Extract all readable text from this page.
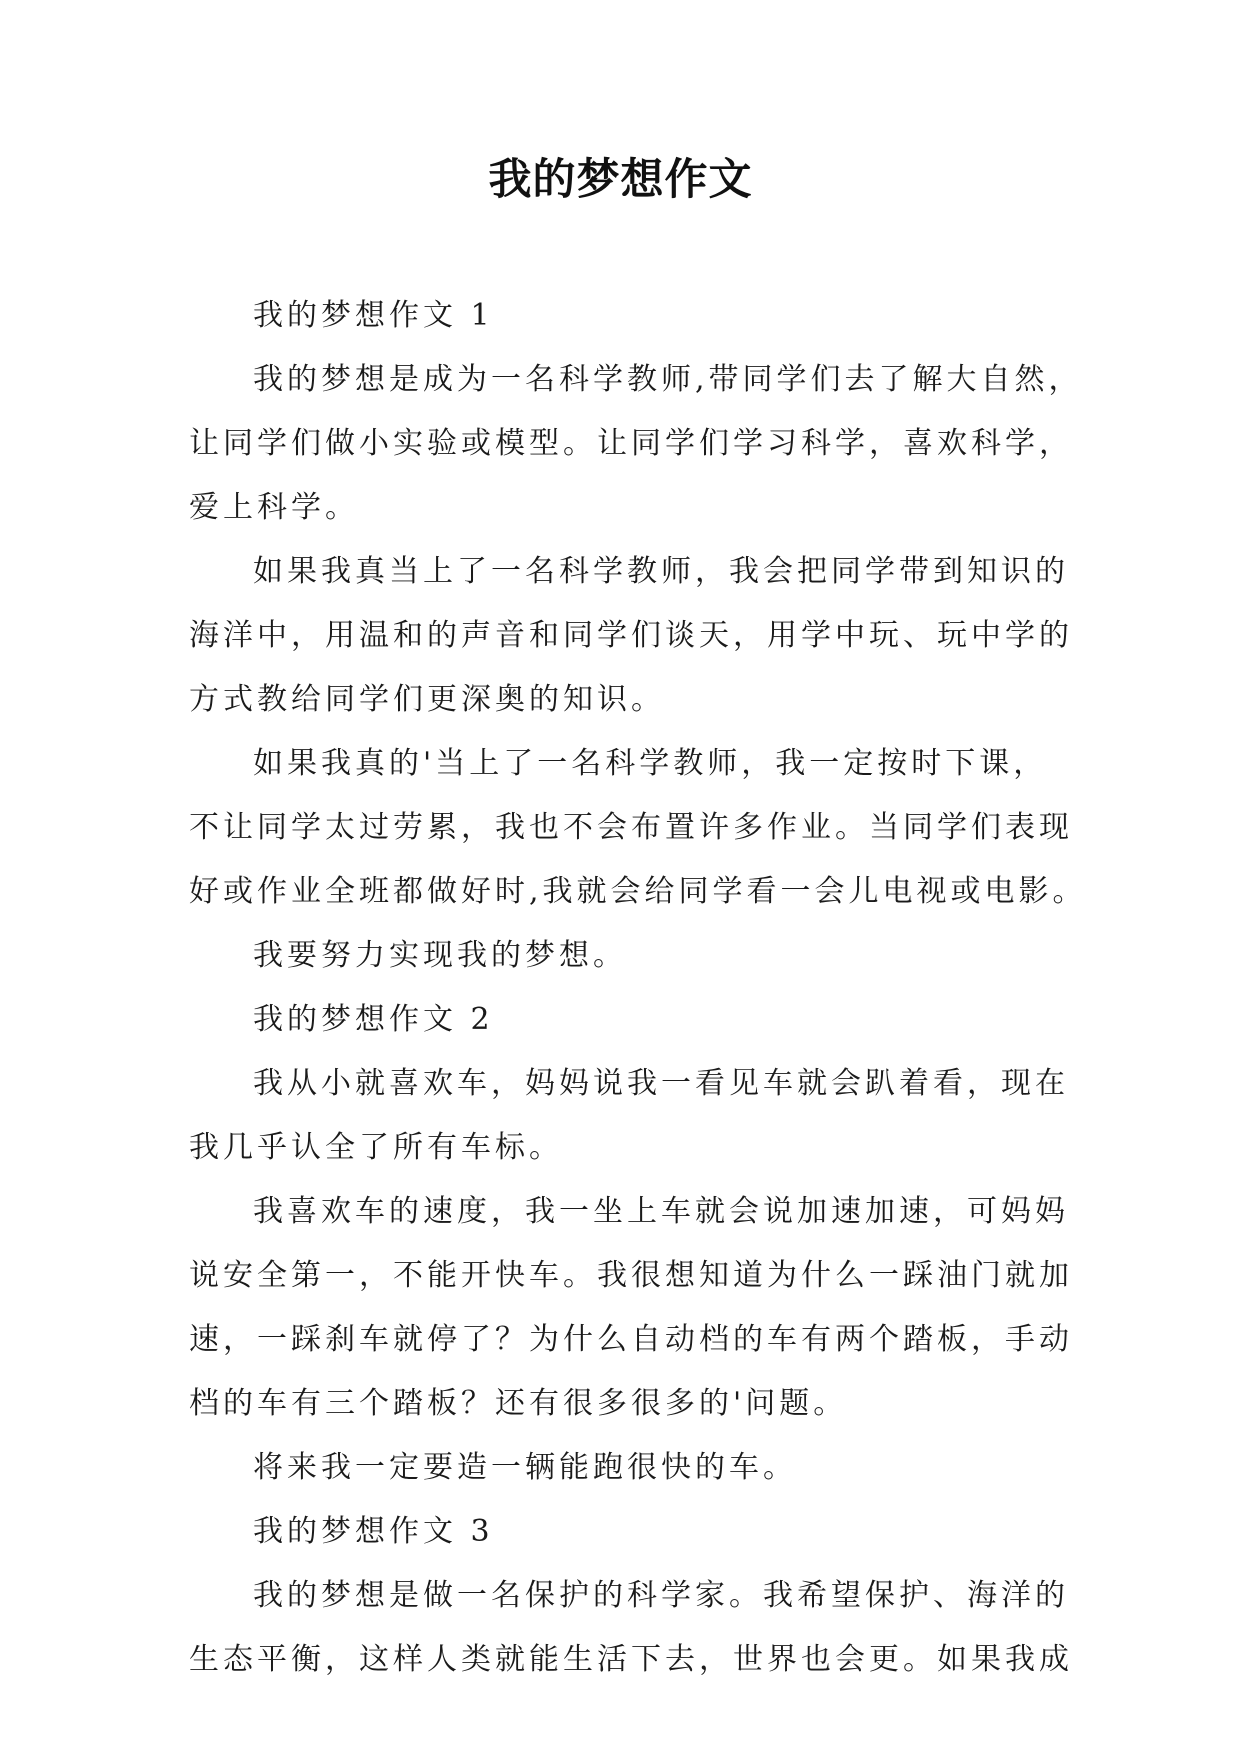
我的梦想作文
我的梦想作文 1
我的梦想是成为一名科学教师,带同学们去了解大自然，
让同学们做小实验或模型。让同学们学习科学，喜欢科学，
爱上科学。
如果我真当上了一名科学教师，我会把同学带到知识的
海洋中，用温和的声音和同学们谈天，用学中玩、玩中学的
方式教给同学们更深奥的知识。
如果我真的'当上了一名科学教师，我一定按时下课，
不让同学太过劳累，我也不会布置许多作业。当同学们表现
好或作业全班都做好时,我就会给同学看一会儿电视或电影。
我要努力实现我的梦想。
我的梦想作文 2
我从小就喜欢车，妈妈说我一看见车就会趴着看，现在
我几乎认全了所有车标。
我喜欢车的速度，我一坐上车就会说加速加速，可妈妈
说安全第一，不能开快车。我很想知道为什么一踩油门就加
速，一踩刹车就停了？为什么自动档的车有两个踏板，手动
档的车有三个踏板？还有很多很多的'问题。
将来我一定要造一辆能跑很快的车。
我的梦想作文 3
我的梦想是做一名保护的科学家。我希望保护、海洋的
生态平衡，这样人类就能生活下去，世界也会更。如果我成
